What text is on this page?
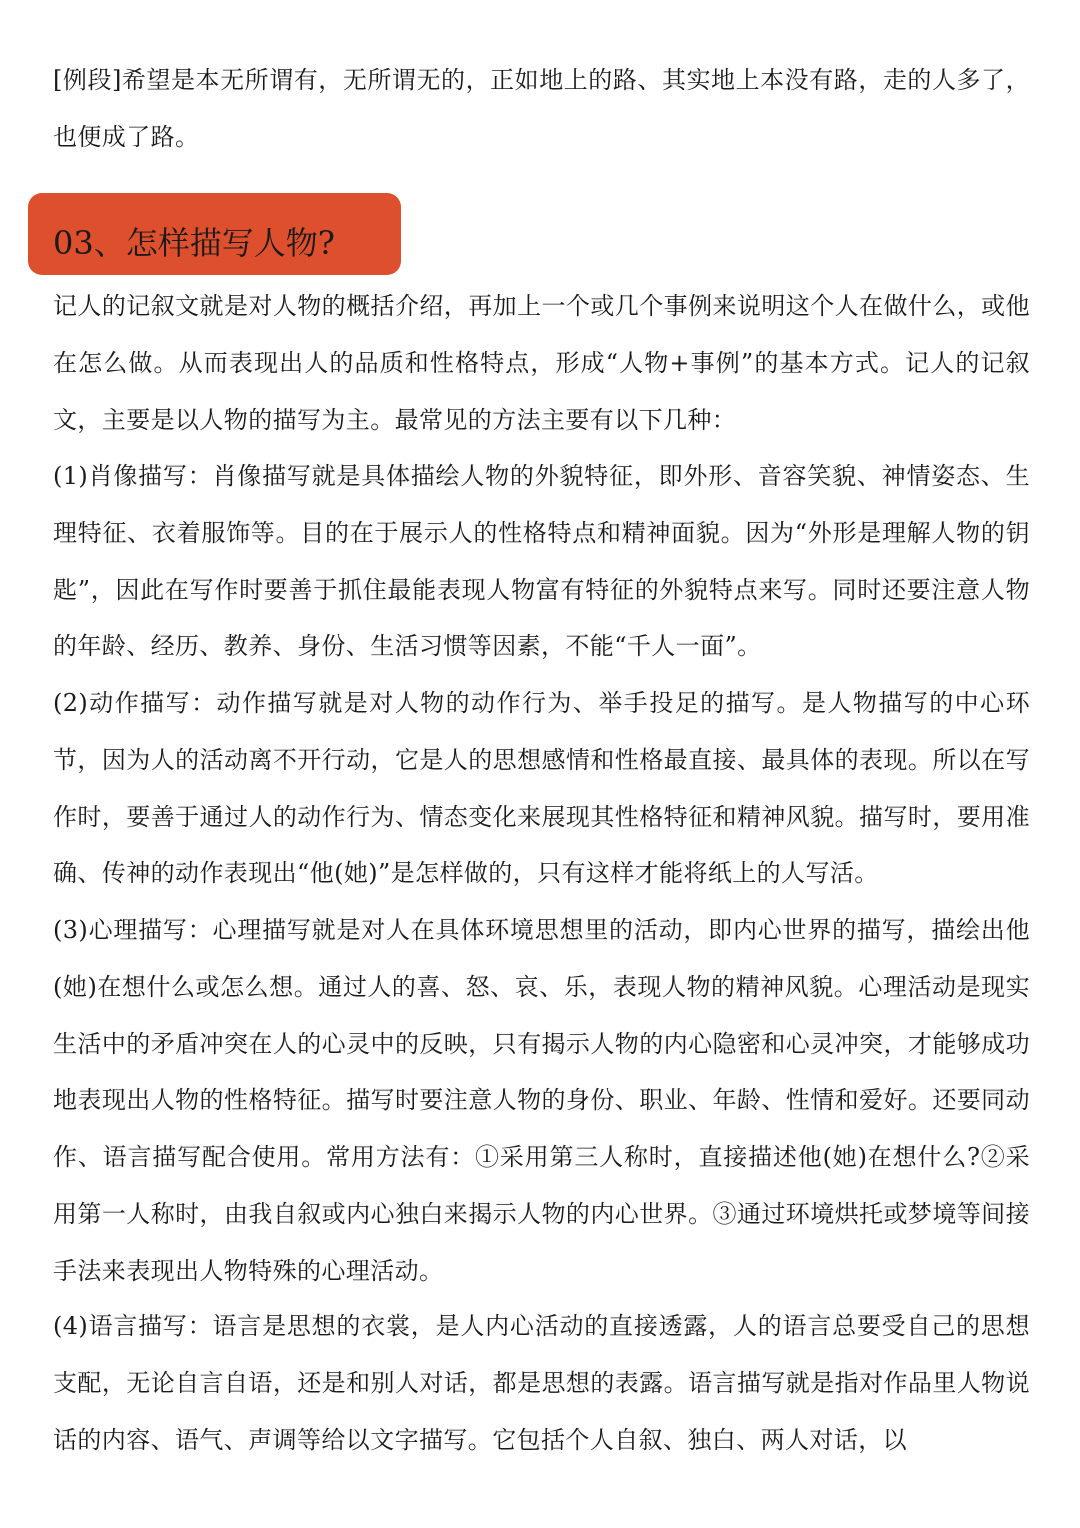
[例段]希望是本无所谓有，无所谓无的，正如地上的路、其实地上本没有路，走的人多了，也便成了路。

03、怎样描写人物?

记人的记叙文就是对人物的概括介绍，再加上一个或几个事例来说明这个人在做什么，或他在怎么做。从而表现出人的品质和性格特点，形成“人物+事例”的基本方式。记人的记叙文，主要是以人物的描写为主。最常见的方法主要有以下几种：

(1)肖像描写：肖像描写就是具体描绘人物的外貌特征，即外形、音容笑貌、神情姿态、生理特征、衣着服饰等。目的在于展示人的性格特点和精神面貌。因为“外形是理解人物的钥匙”，因此在写作时要善于抓住最能表现人物富有特征的外貌特点来写。同时还要注意人物的年龄、经历、教养、身份、生活习惯等因素，不能“千人一面”。

(2)动作描写：动作描写就是对人物的动作行为、举手投足的描写。是人物描写的中心环节，因为人的活动离不开行动，它是人的思想感情和性格最直接、最具体的表现。所以在写作时，要善于通过人的动作行为、情态变化来展现其性格特征和精神风貌。描写时，要用准确、传神的动作表现出“他(她)”是怎样做的，只有这样才能将纸上的人写活。

(3)心理描写：心理描写就是对人在具体环境思想里的活动，即内心世界的描写，描绘出他(她)在想什么或怎么想。通过人的喜、怒、哀、乐，表现人物的精神风貌。心理活动是现实生活中的矛盾冲突在人的心灵中的反映，只有揭示人物的内心隐密和心灵冲突，才能够成功地表现出人物的性格特征。描写时要注意人物的身份、职业、年龄、性情和爱好。还要同动作、语言描写配合使用。常用方法有：①采用第三人称时，直接描述他(她)在想什么?②采用第一人称时，由我自叙或内心独白来揭示人物的内心世界。③通过环境烘托或梦境等间接手法来表现出人物特殊的心理活动。

(4)语言描写：语言是思想的衣裳，是人内心活动的直接透露，人的语言总要受自己的思想支配，无论自言自语，还是和别人对话，都是思想的表露。语言描写就是指对作品里人物说话的内容、语气、声调等给以文字描写。它包括个人自叙、独白、两人对话，以
